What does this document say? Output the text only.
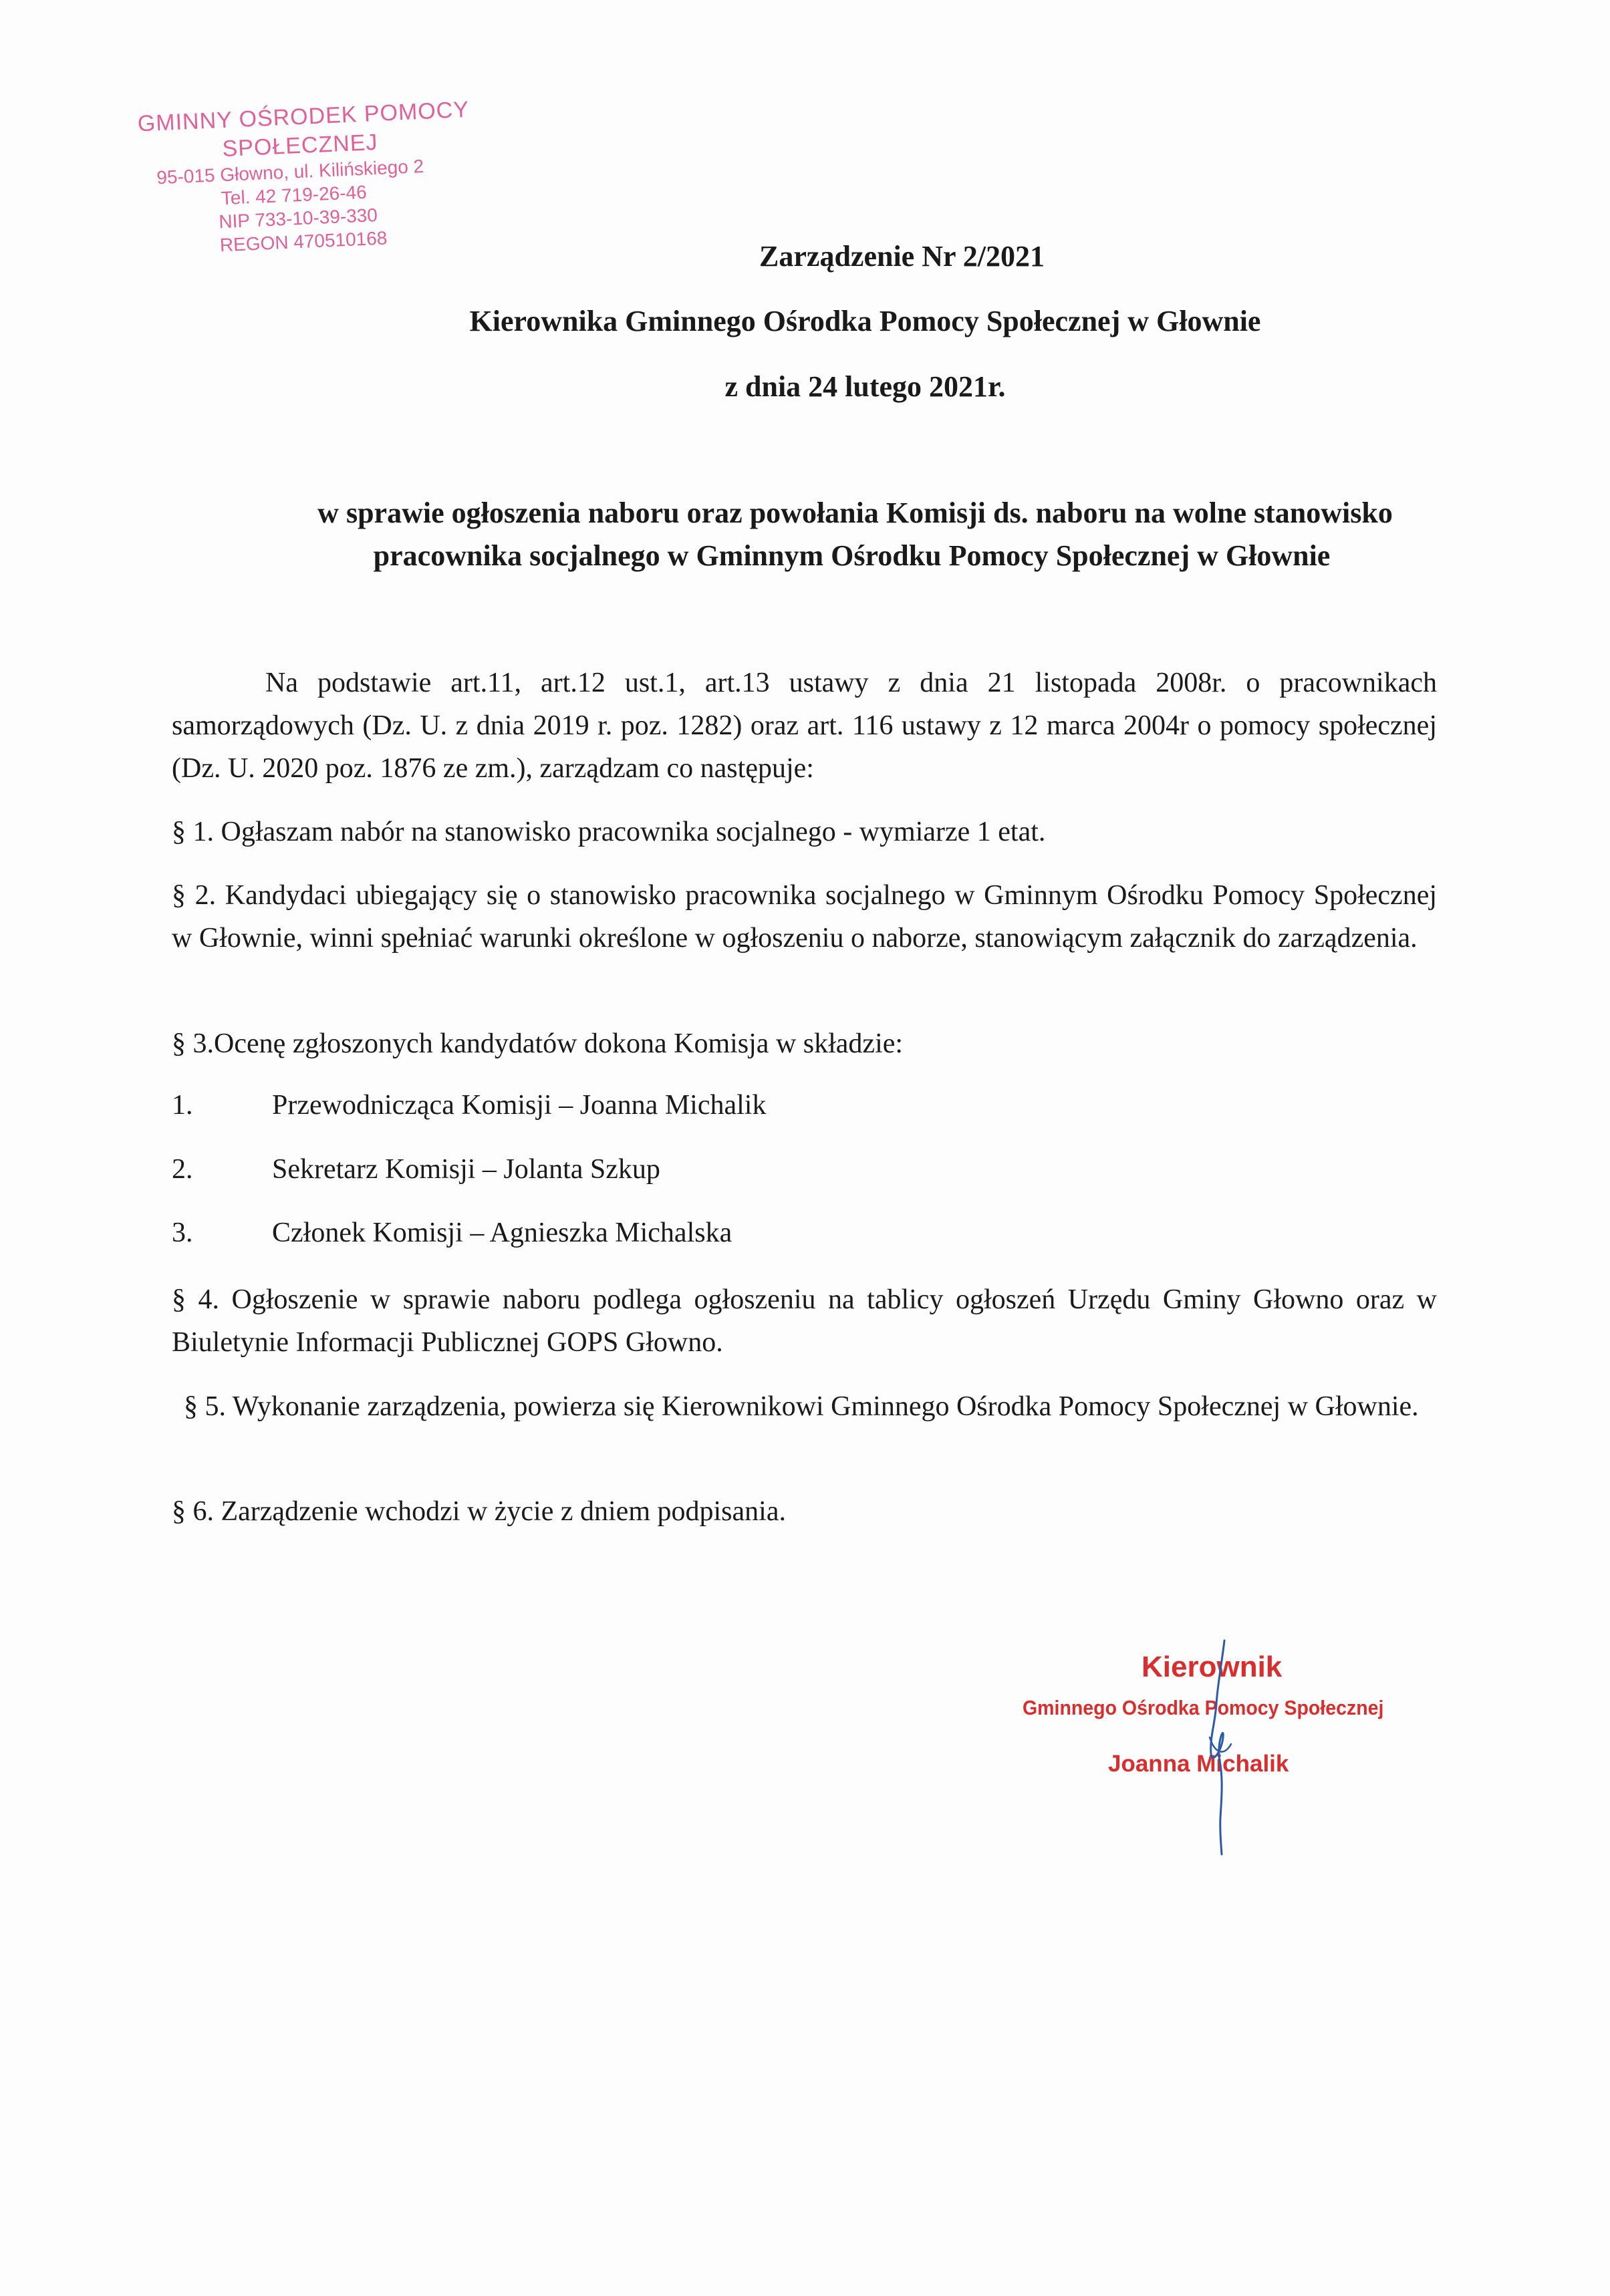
GMINNY OŚRODEK POMOCY
SPOŁECZNEJ
95-015 Głowno, ul. Kilińskiego 2
Tel. 42 719-26-46
NIP 733-10-39-330
REGON 470510168	Zarządzenie Nr 2/2021
Kierownika Gminnego Ośrodka Pomocy Społecznej w Głownie
z dnia 24 lutego 2021r.
w sprawie ogłoszenia naboru oraz powołania Komisji ds. naboru na wolne stanowisko
pracownika socjalnego w Gminnym Ośrodku Pomocy Społecznej w Głownie
Na podstawie art.11, art.12 ust.1, art.13 ustawy z dnia 21 listopada 2008r. o pracownikach samorządowych (Dz. U. z dnia 2019 r. poz. 1282) oraz art. 116 ustawy z 12 marca 2004r o pomocy społecznej (Dz. U. 2020 poz. 1876 ze zm.), zarządzam co następuje:
§ 1. Ogłaszam nabór na stanowisko pracownika socjalnego - wymiarze 1 etat.
§ 2. Kandydaci ubiegający się o stanowisko pracownika socjalnego w Gminnym Ośrodku Pomocy Społecznej w Głownie, winni spełniać warunki określone w ogłoszeniu o naborze, stanowiącym załącznik do zarządzenia.
§ 3.Ocenę zgłoszonych kandydatów dokona Komisja w składzie:
1.	Przewodnicząca Komisji – Joanna Michalik
2.	Sekretarz Komisji – Jolanta Szkup
3.	Członek Komisji – Agnieszka Michalska
§ 4. Ogłoszenie w sprawie naboru podlega ogłoszeniu na tablicy ogłoszeń Urzędu Gminy Głowno oraz w Biuletynie Informacji Publicznej GOPS Głowno.
§ 5. Wykonanie zarządzenia, powierza się Kierownikowi Gminnego Ośrodka Pomocy Społecznej w Głownie.
§ 6. Zarządzenie wchodzi w życie z dniem podpisania.
Kierownik
Gminnego Ośrodka Pomocy Społecznej
Joanna Michalik
